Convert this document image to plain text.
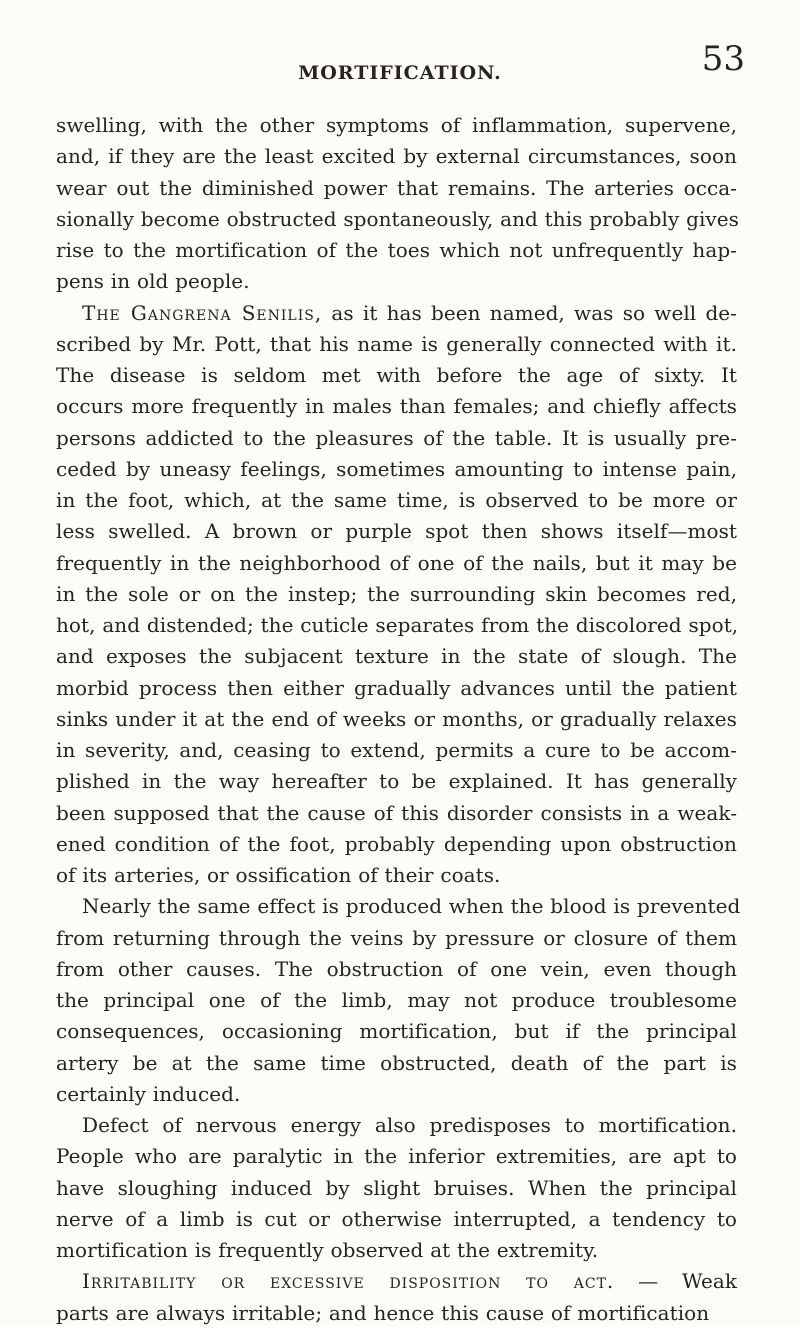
MORTIFICATION.	53
swelling, with the other symptoms of inflammation, supervene,
and, if they are the least excited by external circumstances, soon
wear out the diminished power that remains. The arteries occa-
sionally become obstructed spontaneously, and this probably gives
rise to the mortification of the toes which not unfrequently hap-
pens in old people.
The Gangrena Senilis, as it has been named, was so well de-
scribed by Mr. Pott, that his name is generally connected with it.
The disease is seldom met with before the age of sixty. It
occurs more frequently in males than females; and chiefly affects
persons addicted to the pleasures of the table. It is usually pre-
ceded by uneasy feelings, sometimes amounting to intense pain,
in the foot, which, at the same time, is observed to be more or
less swelled. A brown or purple spot then shows itself—most
frequently in the neighborhood of one of the nails, but it may be
in the sole or on the instep; the surrounding skin becomes red,
hot, and distended; the cuticle separates from the discolored spot,
and exposes the subjacent texture in the state of slough. The
morbid process then either gradually advances until the patient
sinks under it at the end of weeks or months, or gradually relaxes
in severity, and, ceasing to extend, permits a cure to be accom-
plished in the way hereafter to be explained. It has generally
been supposed that the cause of this disorder consists in a weak-
ened condition of the foot, probably depending upon obstruction
of its arteries, or ossification of their coats.
Nearly the same effect is produced when the blood is prevented
from returning through the veins by pressure or closure of them
from other causes. The obstruction of one vein, even though
the principal one of the limb, may not produce troublesome
consequences, occasioning mortification, but if the principal
artery be at the same time obstructed, death of the part is
certainly induced.
Defect of nervous energy also predisposes to mortification.
People who are paralytic in the inferior extremities, are apt to
have sloughing induced by slight bruises. When the principal
nerve of a limb is cut or otherwise interrupted, a tendency to
mortification is frequently observed at the extremity.
Irritability or excessive disposition to act. — Weak
parts are always irritable; and hence this cause of mortification
